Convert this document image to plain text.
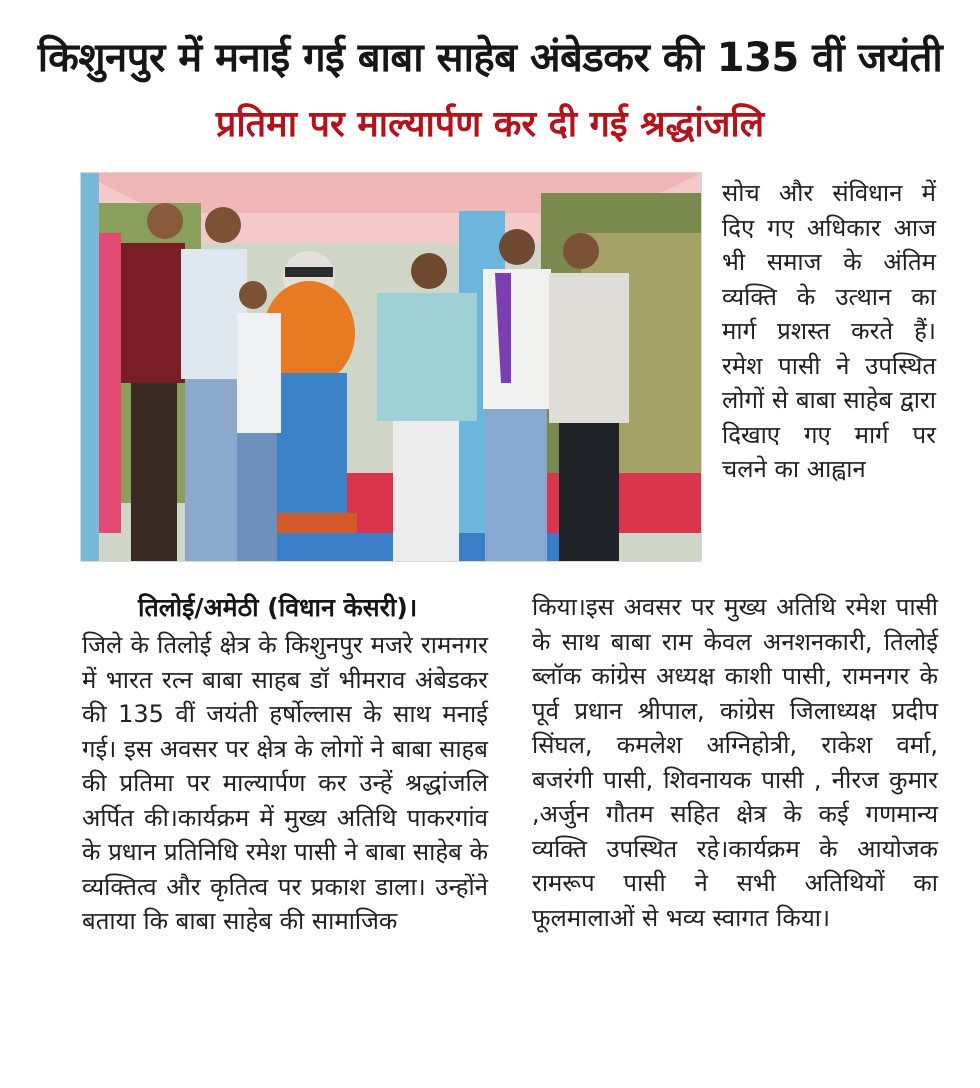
किशुनपुर में मनाई गई बाबा साहेब अंबेडकर की 135 वीं जयंती
प्रतिमा पर माल्यार्पण कर दी गई श्रद्धांजलि
सोच और संविधान में दिए गए अधिकार आज भी समाज के अंतिम व्यक्ति के उत्थान का मार्ग प्रशस्त करते हैं।रमेश पासी ने उपस्थित लोगों से बाबा साहेब द्वारा दिखाए गए मार्ग पर चलने का आह्वान
तिलोई/अमेठी (विधान केसरी)।
जिले के तिलोई क्षेत्र के किशुनपुर मजरे रामनगर में भारत रत्न बाबा साहब डॉ भीमराव अंबेडकर की 135 वीं जयंती हर्षोल्लास के साथ मनाई गई। इस अवसर पर क्षेत्र के लोगों ने बाबा साहब की प्रतिमा पर माल्यार्पण कर उन्हें श्रद्धांजलि अर्पित की।कार्यक्रम में मुख्य अतिथि पाकरगांव के प्रधान प्रतिनिधि रमेश पासी ने बाबा साहेब के व्यक्तित्व और कृतित्व पर प्रकाश डाला। उन्होंने बताया कि बाबा साहेब की सामाजिक
किया।इस अवसर पर मुख्य अतिथि रमेश पासी के साथ बाबा राम केवल अनशनकारी, तिलोई ब्लॉक कांग्रेस अध्यक्ष काशी पासी, रामनगर के पूर्व प्रधान श्रीपाल, कांग्रेस जिलाध्यक्ष प्रदीप सिंघल, कमलेश अग्निहोत्री, राकेश वर्मा, बजरंगी पासी, शिवनायक पासी , नीरज कुमार ,अर्जुन गौतम सहित क्षेत्र के कई गणमान्य व्यक्ति उपस्थित रहे।कार्यक्रम के आयोजक रामरूप पासी ने सभी अतिथियों का फूलमालाओं से भव्य स्वागत किया।
